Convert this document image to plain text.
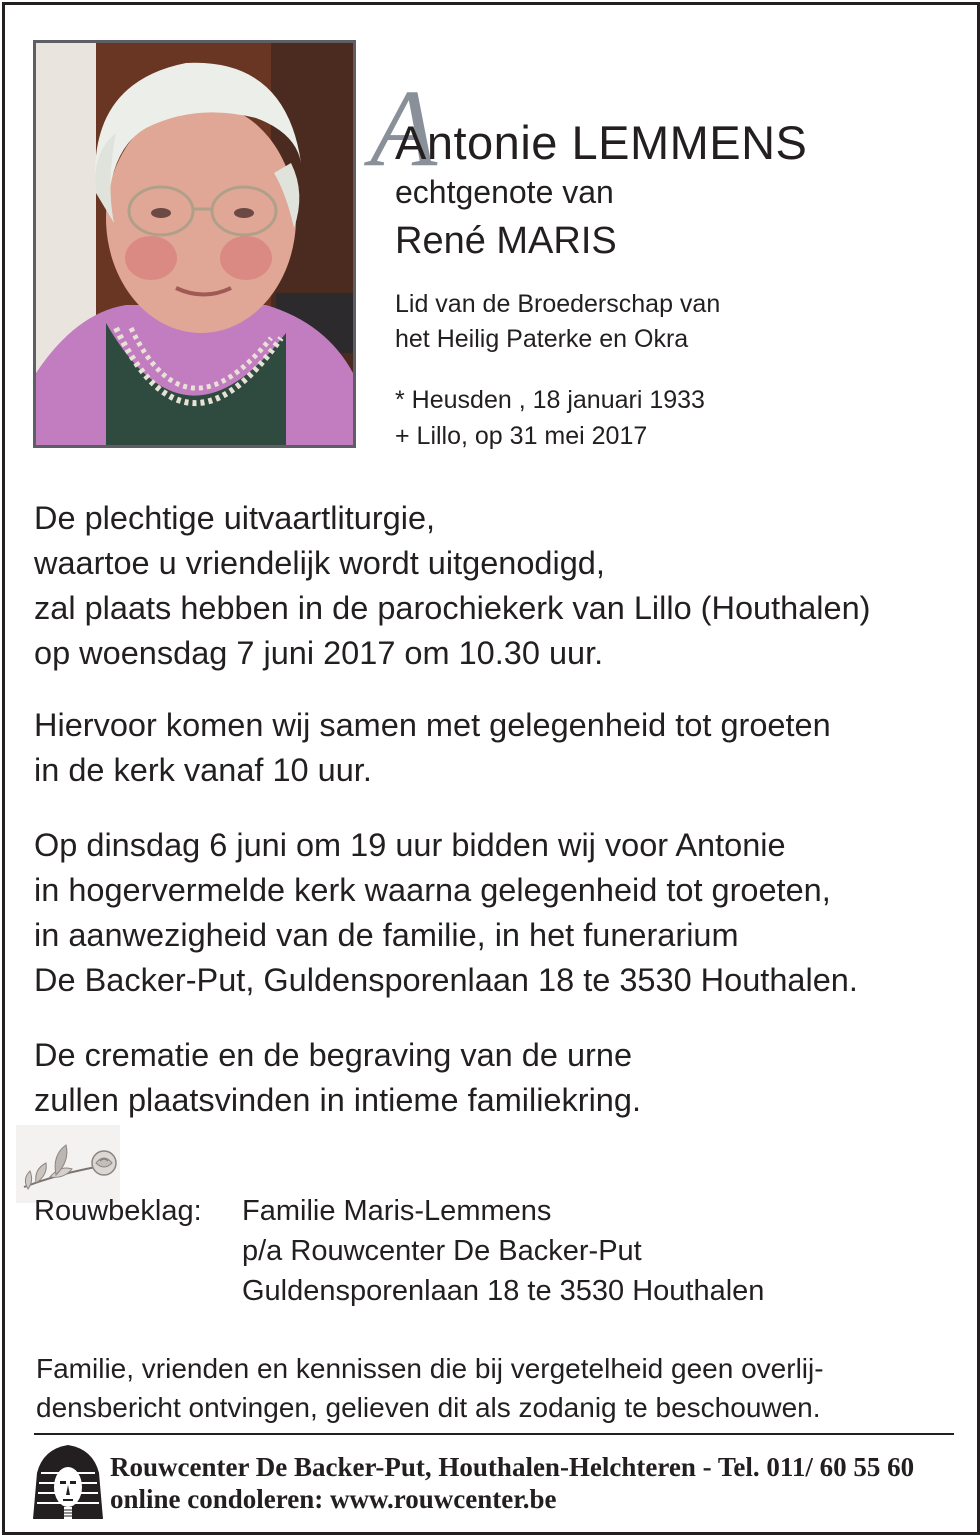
A
Antonie LEMMENS
echtgenote van
René MARIS
Lid van de Broederschap van
het Heilig Paterke en Okra
* Heusden , 18 januari 1933
+ Lillo, op 31 mei 2017
De plechtige uitvaartliturgie,
waartoe u vriendelijk wordt uitgenodigd,
zal plaats hebben in de parochiekerk van Lillo (Houthalen)
op woensdag 7 juni 2017 om 10.30 uur.
Hiervoor komen wij samen met gelegenheid tot groeten
in de kerk vanaf 10 uur.
Op dinsdag 6 juni om 19 uur bidden wij voor Antonie
in hogervermelde kerk waarna gelegenheid tot groeten,
in aanwezigheid van de familie, in het funerarium
De Backer-Put, Guldensporenlaan 18 te 3530 Houthalen.
De crematie en de begraving van de urne
zullen plaatsvinden in intieme familiekring.
Rouwbeklag: Familie Maris-Lemmens
p/a Rouwcenter De Backer-Put
Guldensporenlaan 18 te 3530 Houthalen
Familie, vrienden en kennissen die bij vergetelheid geen overlij-
densbericht ontvingen, gelieven dit als zodanig te beschouwen.
Rouwcenter De Backer-Put, Houthalen-Helchteren - Tel. 011/ 60 55 60
online condoleren: www.rouwcenter.be
